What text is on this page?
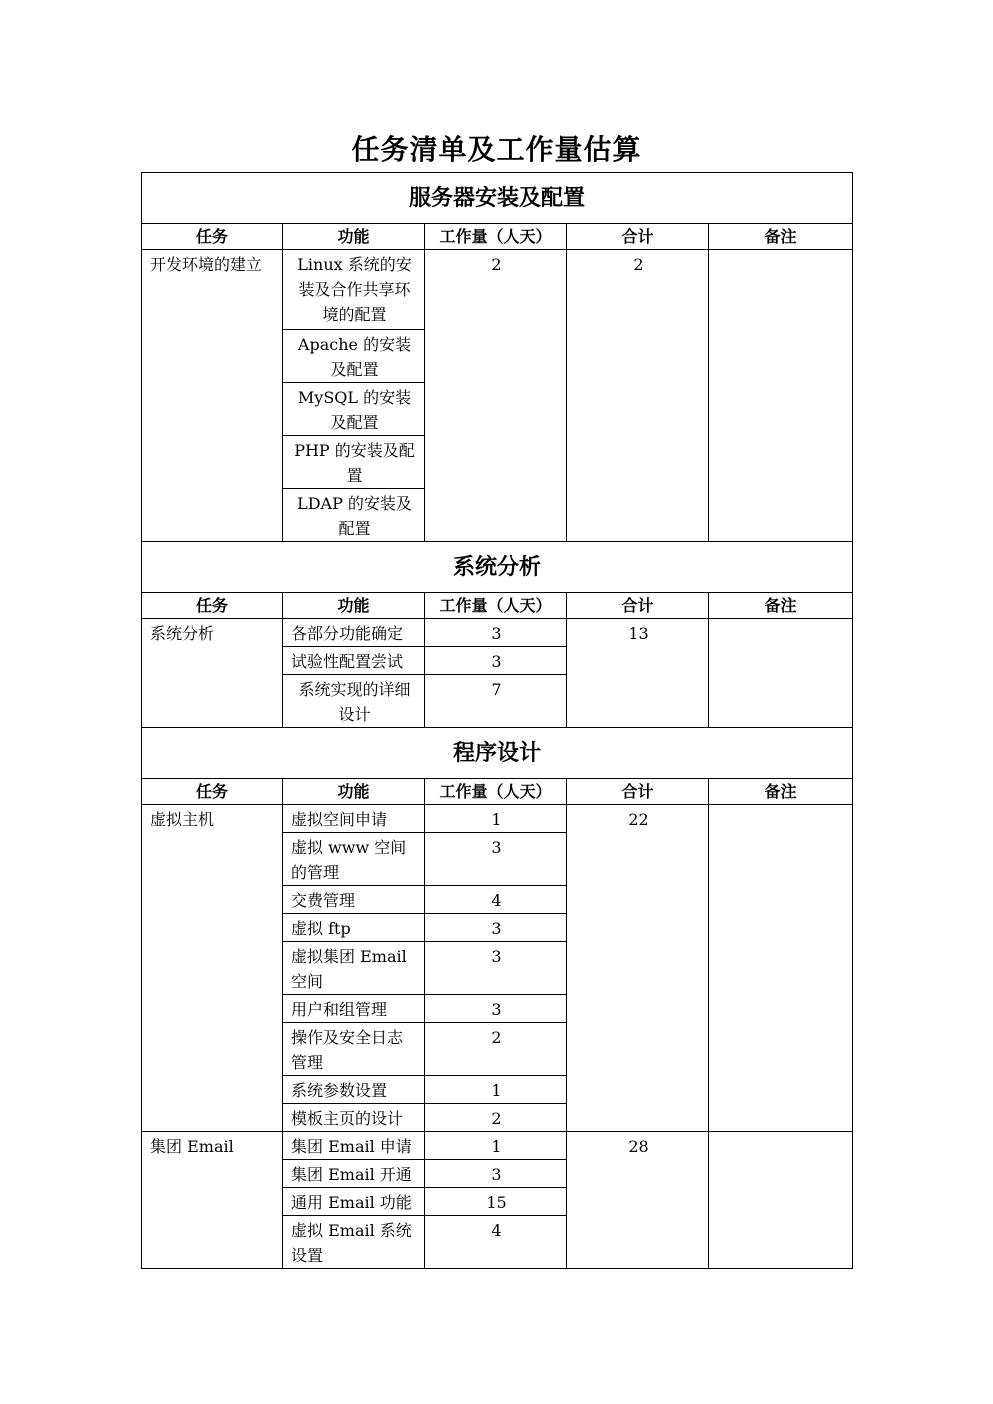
任务清单及工作量估算
服务器安装及配置				
任务	功能	工作量（人天）	合计	备注
开发环境的建立	Linux 系统的安装及合作共享环境的配置	2	2	
	Apache 的安装及配置			
	MySQL 的安装及配置			
	PHP 的安装及配置			
	LDAP 的安装及配置			
系统分析				
任务	功能	工作量（人天）	合计	备注
系统分析	各部分功能确定	3	13	
	试验性配置尝试	3		
	系统实现的详细设计	7		
程序设计				
任务	功能	工作量（人天）	合计	备注
虚拟主机	虚拟空间申请	1	22	
	虚拟 www 空间的管理	3		
	交费管理	4		
	虚拟 ftp	3		
	虚拟集团 Email 空间	3		
	用户和组管理	3		
	操作及安全日志管理	2		
	系统参数设置	1		
	模板主页的设计	2		
集团 Email	集团 Email 申请	1	28	
	集团 Email 开通	3		
	通用 Email 功能	15		
	虚拟 Email 系统设置	4		
